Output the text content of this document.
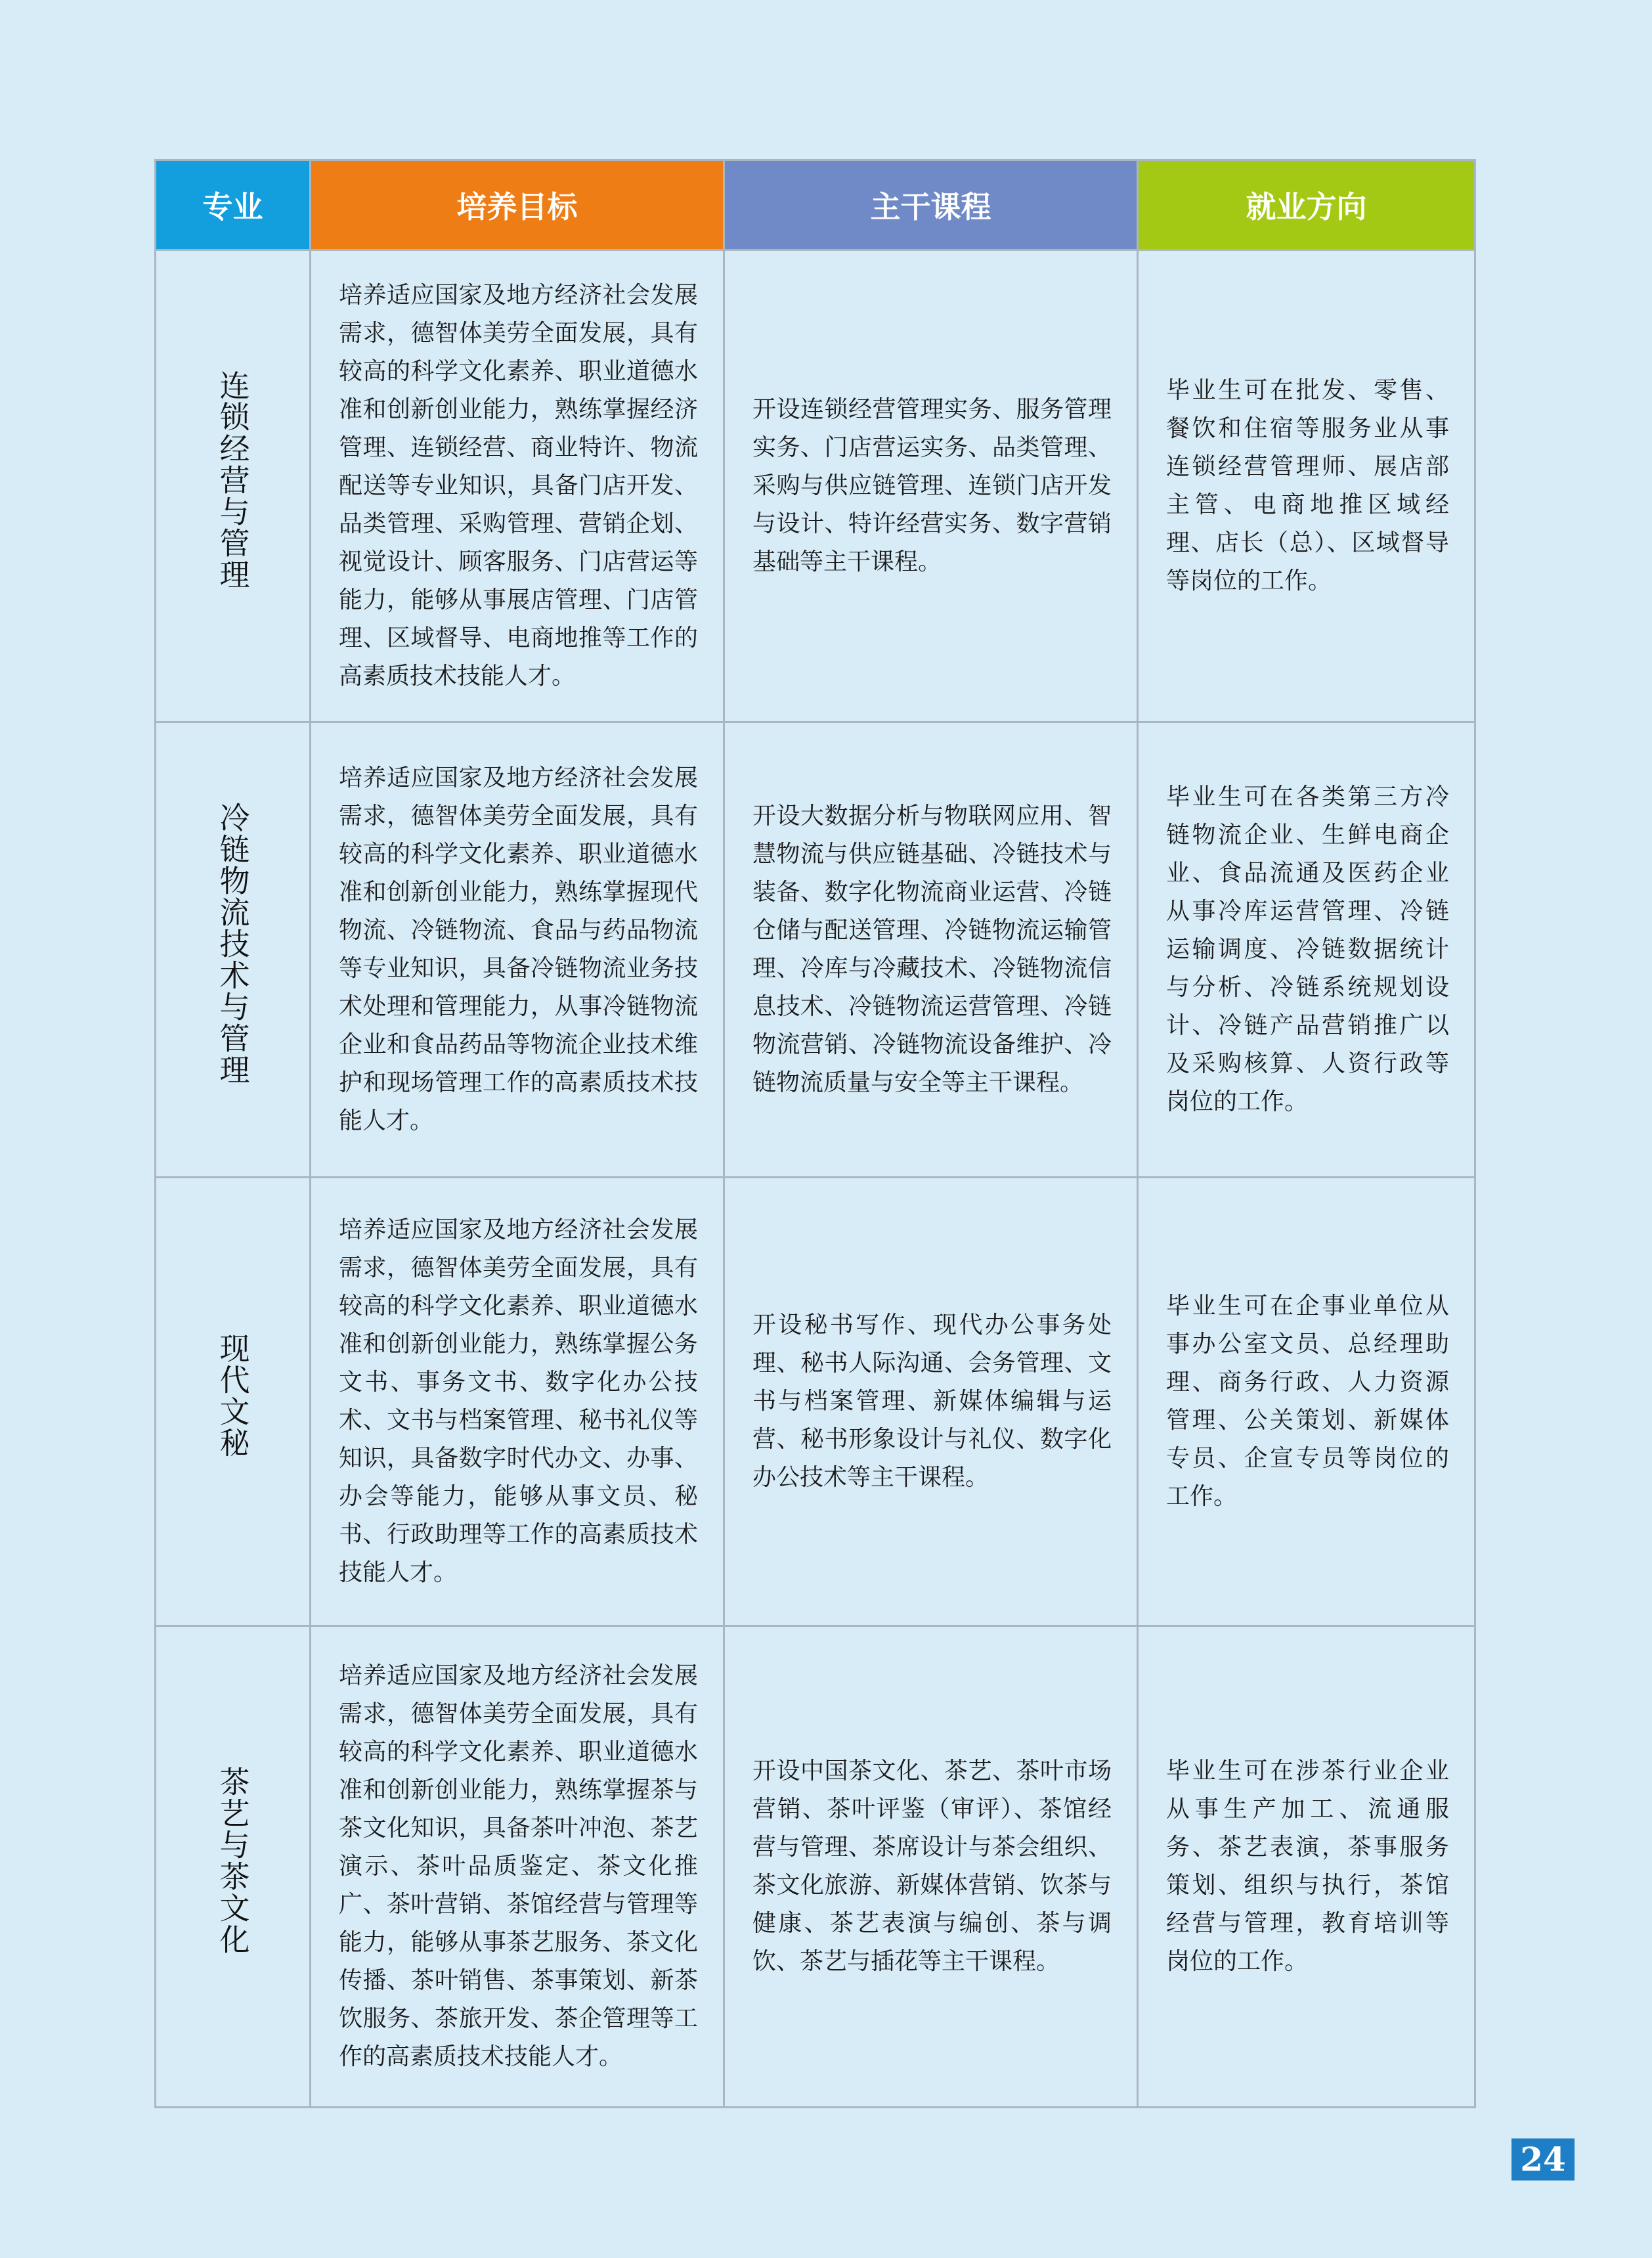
专业	培养目标	主干课程	就业方向
连锁经营与管理	培养适应国家及地方经济社会发展需求，德智体美劳全面发展，具有较高的科学文化素养、职业道德水准和创新创业能力，熟练掌握经济管理、连锁经营、商业特许、物流配送等专业知识，具备门店开发、品类管理、采购管理、营销企划、视觉设计、顾客服务、门店营运等能力，能够从事展店管理、门店管理、区域督导、电商地推等工作的高素质技术技能人才。	开设连锁经营管理实务、服务管理实务、门店营运实务、品类管理、采购与供应链管理、连锁门店开发与设计、特许经营实务、数字营销基础等主干课程。	毕业生可在批发、零售、餐饮和住宿等服务业从事连锁经营管理师、展店部主管、电商地推区域经理、店长（总）、区域督导等岗位的工作。
冷链物流技术与管理	培养适应国家及地方经济社会发展需求，德智体美劳全面发展，具有较高的科学文化素养、职业道德水准和创新创业能力，熟练掌握现代物流、冷链物流、食品与药品物流等专业知识，具备冷链物流业务技术处理和管理能力，从事冷链物流企业和食品药品等物流企业技术维护和现场管理工作的高素质技术技能人才。	开设大数据分析与物联网应用、智慧物流与供应链基础、冷链技术与装备、数字化物流商业运营、冷链仓储与配送管理、冷链物流运输管理、冷库与冷藏技术、冷链物流信息技术、冷链物流运营管理、冷链物流营销、冷链物流设备维护、冷链物流质量与安全等主干课程。	毕业生可在各类第三方冷链物流企业、生鲜电商企业、食品流通及医药企业从事冷库运营管理、冷链运输调度、冷链数据统计与分析、冷链系统规划设计、冷链产品营销推广以及采购核算、人资行政等岗位的工作。
现代文秘	培养适应国家及地方经济社会发展需求，德智体美劳全面发展，具有较高的科学文化素养、职业道德水准和创新创业能力，熟练掌握公务文书、事务文书、数字化办公技术、文书与档案管理、秘书礼仪等知识，具备数字时代办文、办事、办会等能力，能够从事文员、秘书、行政助理等工作的高素质技术技能人才。	开设秘书写作、现代办公事务处理、秘书人际沟通、会务管理、文书与档案管理、新媒体编辑与运营、秘书形象设计与礼仪、数字化办公技术等主干课程。	毕业生可在企事业单位从事办公室文员、总经理助理、商务行政、人力资源管理、公关策划、新媒体专员、企宣专员等岗位的工作。
茶艺与茶文化	培养适应国家及地方经济社会发展需求，德智体美劳全面发展，具有较高的科学文化素养、职业道德水准和创新创业能力，熟练掌握茶与茶文化知识，具备茶叶冲泡、茶艺演示、茶叶品质鉴定、茶文化推广、茶叶营销、茶馆经营与管理等能力，能够从事茶艺服务、茶文化传播、茶叶销售、茶事策划、新茶饮服务、茶旅开发、茶企管理等工作的高素质技术技能人才。	开设中国茶文化、茶艺、茶叶市场营销、茶叶评鉴（审评）、茶馆经营与管理、茶席设计与茶会组织、茶文化旅游、新媒体营销、饮茶与健康、茶艺表演与编创、茶与调饮、茶艺与插花等主干课程。	毕业生可在涉茶行业企业从事生产加工、流通服务、茶艺表演，茶事服务策划、组织与执行，茶馆经营与管理，教育培训等岗位的工作。
24
